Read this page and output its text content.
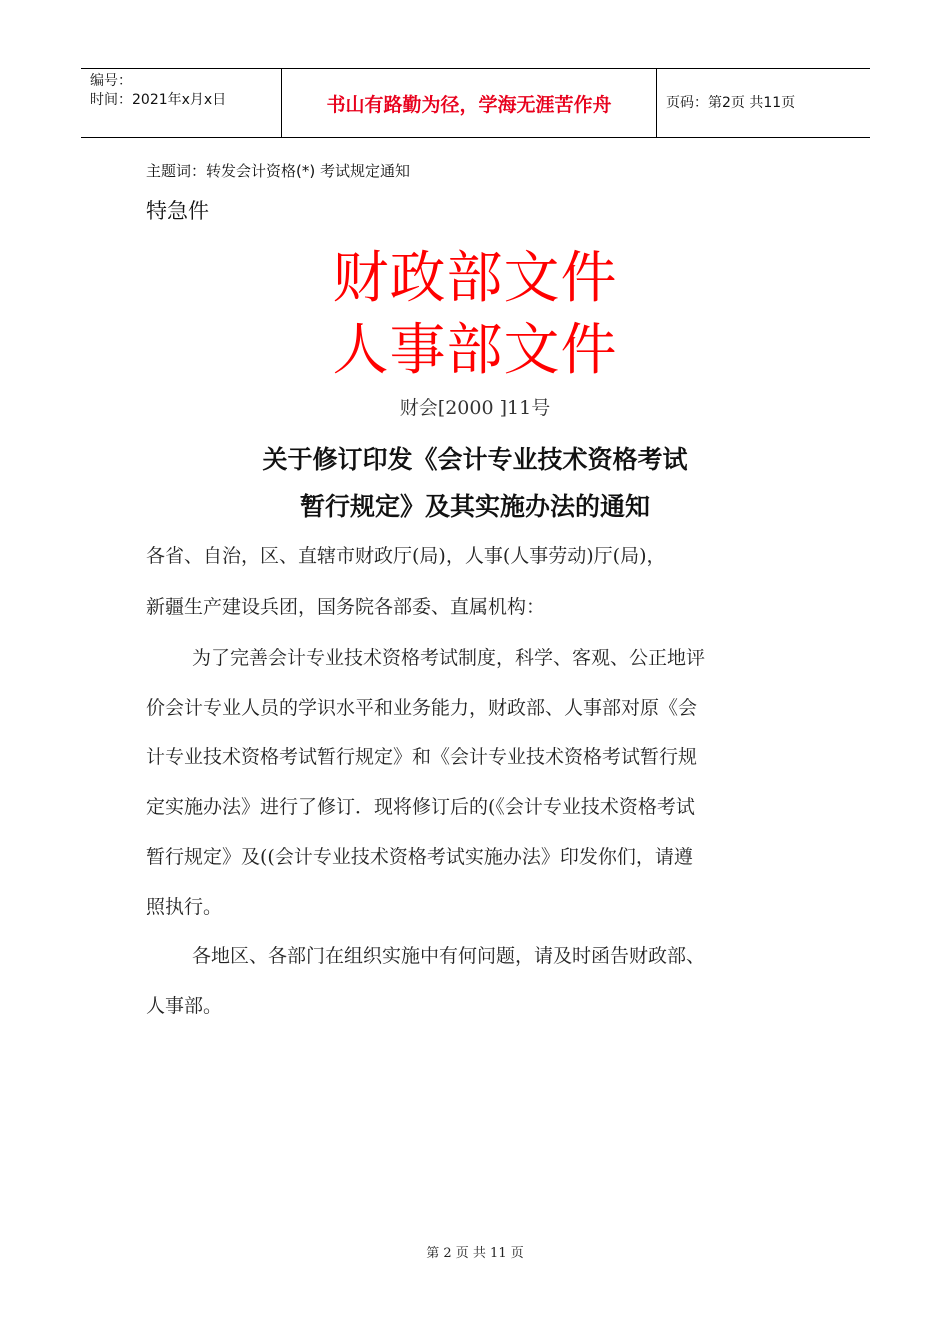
编号：
时间：2021年x月x日	书山有路勤为径，学海无涯苦作舟	页码：第2页 共11页
主题词：转发会计资格(*) 考试规定通知
特急件
财政部文件
人事部文件
财会[2000 ]11号
关于修订印发《会计专业技术资格考试
暂行规定》及其实施办法的通知
各省、自治，区、直辖市财政厅(局)，人事(人事劳动)厅(局)，
新疆生产建设兵团，国务院各部委、直属机构：
为了完善会计专业技术资格考试制度，科学、客观、公正地评
价会计专业人员的学识水平和业务能力，财政部、人事部对原《会
计专业技术资格考试暂行规定》和《会计专业技术资格考试暂行规
定实施办法》进行了修订．现将修订后的(《会计专业技术资格考试
暂行规定》及((会计专业技术资格考试实施办法》印发你们，请遵
照执行。
各地区、各部门在组织实施中有何问题，请及时函告财政部、
人事部。
第 2 页 共 11 页
